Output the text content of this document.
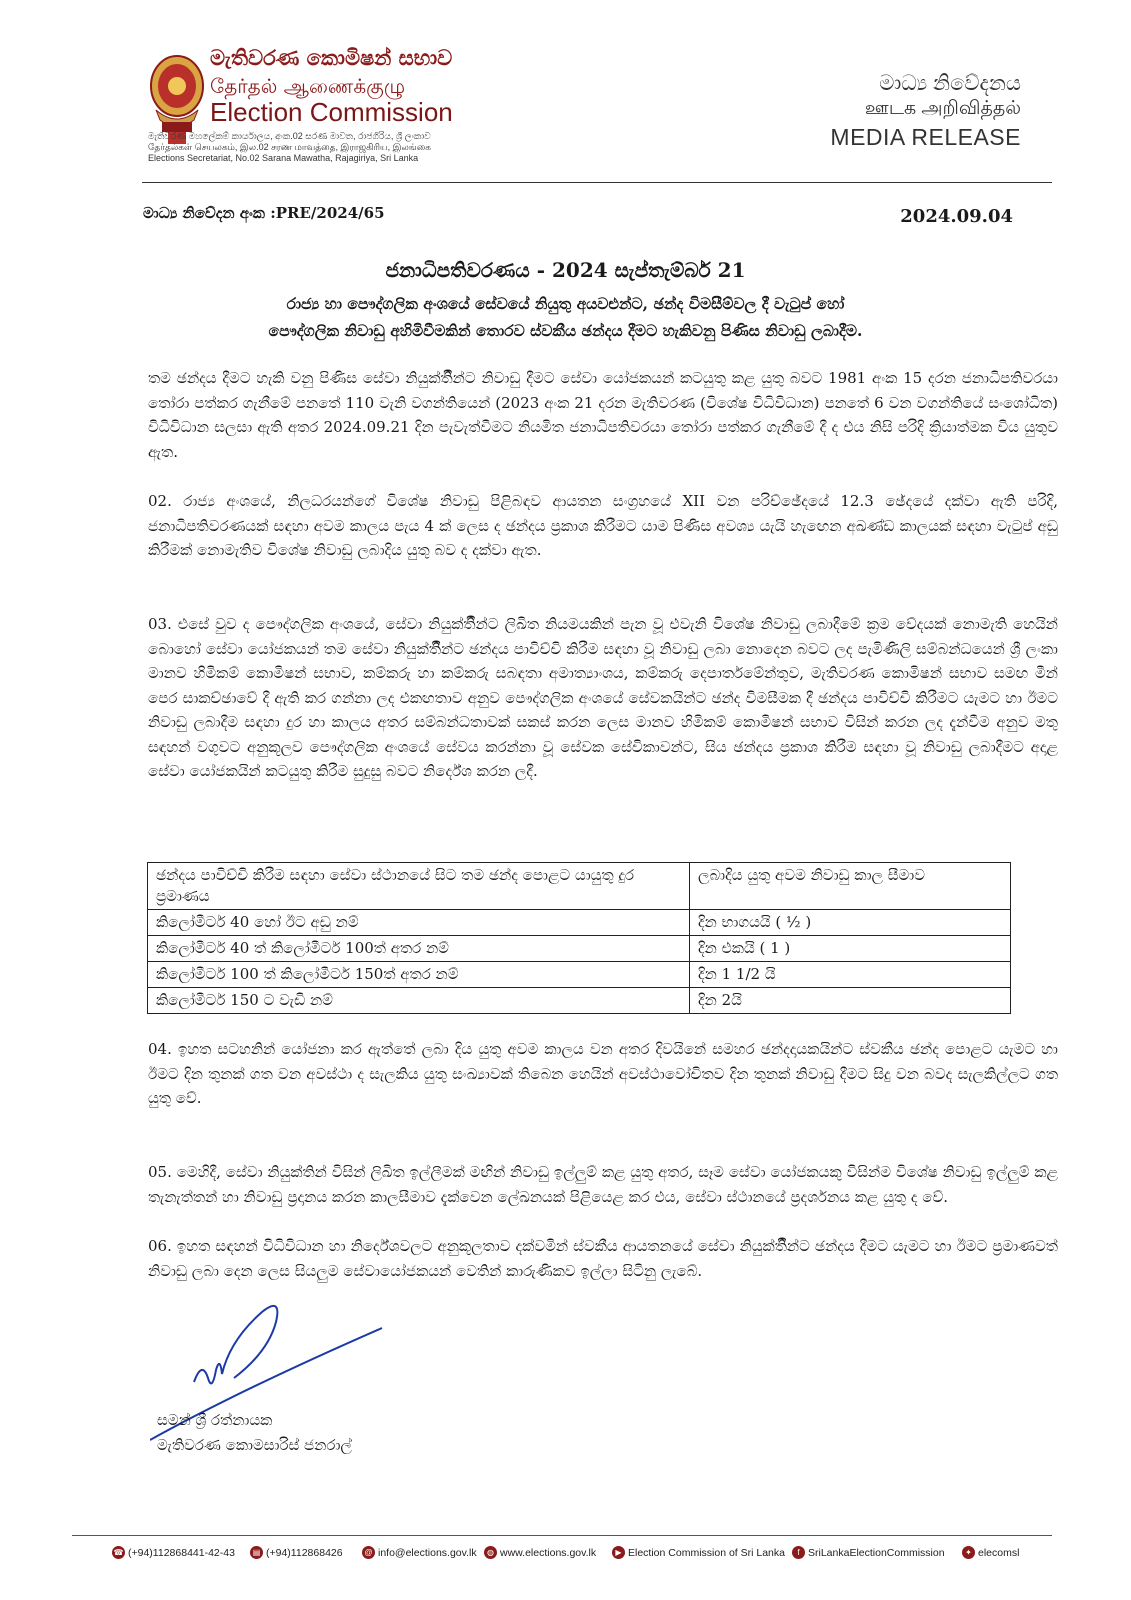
මැතිවරණ කොමිෂන් සභාව
தேர்தல் ஆணைக்குழு
Election Commission
මැතිවරණ මහලේකම් කාර්යාලය, අංක.02 සරණ මාවත, රාජගිරිය, ශ්‍රී ලංකාව
தேர்தல்கள் செயலகம், இல.02 சரண மாவத்தை, இராஜகிரிய, இலங்கை
Elections Secretariat, No.02 Sarana Mawatha, Rajagiriya, Sri Lanka
මාධ්‍ය නිවේදනය
ஊடக அறிவித்தல்
MEDIA RELEASE
මාධ්‍ය නිවේදන අංක :PRE/2024/65	2024.09.04
ජනාධිපතිවරණය - 2024 සැප්තැම්බර් 21
රාජ්‍ය හා පෞද්ගලික අංශයේ සේවයේ නියුතු අයවළුන්ට, ඡන්ද විමසීම්වල දී වැටුප් හෝ
පෞද්ගලික නිවාඩු අහිමිවීමකින් තොරව ස්වකීය ඡන්දය දීමට හැකිවනු පිණිස නිවාඩු ලබාදීම.
තම ඡන්දය දීමට හැකි වනු පිණිස සේවා නියුක්තිින්ට නිවාඩු දීමට සේවා යෝජකයන් කටයුතු කළ යුතු බවට 1981 අංක 15 දරන ජනාධිපතිවරයා තෝරා පත්කර ගැනීමේ පනතේ 110 වැනි වගන්තියෙන් (2023 අංක 21 දරන මැතිවරණ (විශේෂ විධිවිධාන) පනතේ 6 වන වගන්තියේ සංශෝධිත) විධිවිධාන සලසා ඇති අතර 2024.09.21 දින පැවැත්වීමට නියමිත ජනාධිපතිවරයා තෝරා පත්කර ගැනීමේ දී ද එය නිසි පරිදි ක්‍රියාත්මක විය යුතුව ඇත.
02. රාජ්‍ය අංශයේ, නිලධරයන්ගේ විශේෂ නිවාඩු පිළිබඳව ආයතන සංග්‍රහයේ XII වන පරිච්ඡේදයේ 12.3 ඡේදයේ දක්වා ඇති පරිදි, ජනාධිපතිවරණයක් සඳහා අවම කාලය පැය 4 ක් ලෙස ද ඡන්දය ප්‍රකාශ කිරීමට යාම පිණිස අවශ්‍ය යැයි හැඟෙන අඛණ්ඩ කාලයක් සඳහා වැටුප් අඩු කිරීමක් නොමැතිව විශේෂ නිවාඩු ලබාදිය යුතු බව ද දක්වා ඇත.
03. එසේ වුව ද පෞද්ගලික අංශයේ, සේවා නියුක්තිින්ට ලිඛිත නියමයකින් පැන වූ එවැනි විශේෂ නිවාඩු ලබාදීමේ ක්‍රම වේදයක් නොමැති හෙයින් බොහෝ සේවා යෝජකයන් තම සේවා නියුක්තිින්ට ඡන්දය පාවිච්චි කිරීම සඳහා වූ නිවාඩු ලබා නොදෙන බවට ලද පැමිණිලි සම්බන්ධයෙන් ශ්‍රී ලංකා මානව හිමිකම් කොමිෂන් සභාව, කම්කරු හා කම්කරු සබඳතා අමාත්‍යාංශය, කම්කරු දෙපාර්තමේන්තුව, මැතිවරණ කොමිෂන් සභාව සමඟ මීන් පෙර සාකච්ඡාවේ දී ඇති කර ගන්නා ලද එකඟතාව අනුව පෞද්ගලික අංශයේ සේවකයින්ට ඡන්ද විමසීමක දී ඡන්දය පාවිච්චි කිරීමට යැමට හා ඊමට නිවාඩු ලබාදීම සඳහා දුර හා කාලය අතර සම්බන්ධතාවක් සකස් කරන ලෙස මානව හිමිකම් කොමිෂන් සභාව විසින් කරන ලද දැන්වීම අනුව මතු සඳහන් වගුවට අනුකූලව පෞද්ගලික අංශයේ සේවය කරන්නා වූ සේවක සේවිකාවන්ට, සිය ඡන්දය ප්‍රකාශ කිරීම සඳහා වූ නිවාඩු ලබාදීමට අදාළ සේවා යෝජකයින් කටයුතු කිරීම සුදුසු බවට නිර්දේශ කරන ලදී.
ඡන්දය පාවිච්චි කිරීම සඳහා සේවා ස්ථානයේ සිට තම ඡන්ද පොළට යායුතු දුර ප්‍රමාණය	ලබාදිය යුතු අවම නිවාඩු කාල සීමාව
කිලෝමීටර් 40 හෝ ඊට අඩු නම්	දින භාගයයි ( ½ )
කිලෝමීටර් 40 ත් කිලෝමීටර් 100ත් අතර නම්	දින එකයි ( 1 )
කිලෝමීටර් 100 ත් කිලෝමීටර් 150ත් අතර නම්	දින 1 1/2 යි
කිලෝමීටර් 150 ට වැඩි නම්	දින 2යි
04. ඉහත සටහනින් යෝජනා කර ඇත්තේ ලබා දිය යුතු අවම කාලය වන අතර දිවයිනේ සමහර ඡන්දදායකයින්ට ස්වකීය ඡන්ද පොළට යැමට හා ඊමට දින තුනක් ගත වන අවස්ථා ද සැලකිය යුතු සංඛ්‍යාවක් තිබෙන හෙයින් අවස්ථාවෝචිතව දින තුනක් නිවාඩු දීමට සිදු වන බවද සැලකිල්ලට ගත යුතු වේ.
05. මෙහිදී, සේවා නියුක්තින් විසින් ලිඛිත ඉල්ලීමක් මඟින් නිවාඩු ඉල්ලුම් කළ යුතු අතර, සෑම සේවා යෝජකයකු විසින්ම විශේෂ නිවාඩු ඉල්ලුම් කළ තැනැත්තන් හා නිවාඩු ප්‍රදානය කරන කාලසීමාව දැක්වෙන ලේඛනයක් පිළියෙළ කර එය, සේවා ස්ථානයේ ප්‍රදර්ශනය කළ යුතු ද වේ.
06. ඉහත සඳහන් විධිවිධාන හා නිර්දේශවලට අනුකූලතාව දක්වමින් ස්වකීය ආයතනයේ සේවා නියුක්තිින්ට ඡන්දය දීමට යැමට හා ඊමට ප්‍රමාණවත් නිවාඩු ලබා දෙන ලෙස සියලුම සේවායෝජකයන් වෙතින් කාරුණිකව ඉල්ලා සිටිනු ලැබේ.
සමන් ශ්‍රී රත්නායක
මැතිවරණ කොමසාරිස් ජනරාල්
☎ (+94)112868441-42-43	▤ (+94)112868426	@ info@elections.gov.lk	◍ www.elections.gov.lk	▶ Election Commission of Sri Lanka	f SriLankaElectionCommission	✦ elecomsl
